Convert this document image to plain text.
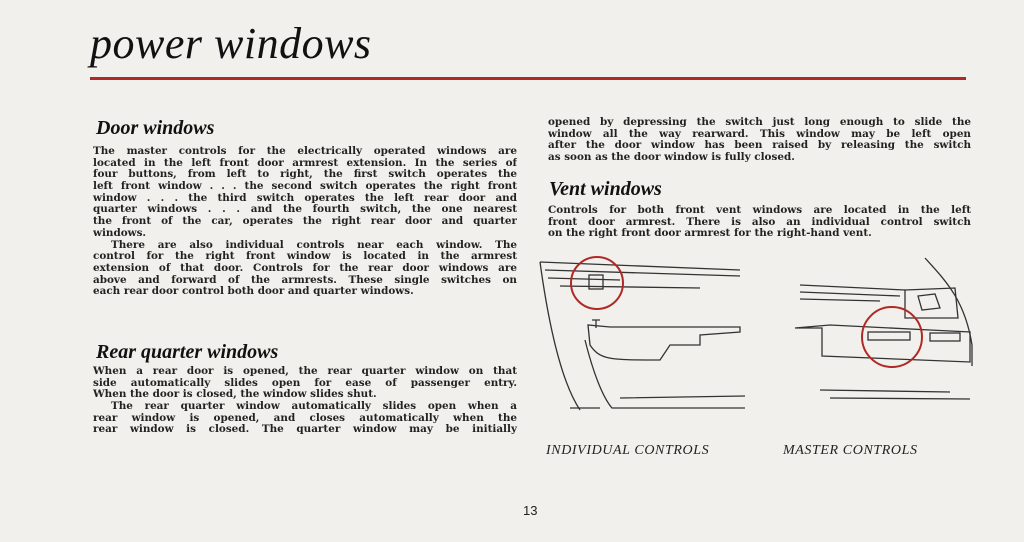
power windows
Door windows
The master controls for the electrically operated windows are
located in the left front door armrest extension. In the series of
four buttons, from left to right, the first switch operates the
left front window . . . the second switch operates the right front
window . . . the third switch operates the left rear door and
quarter windows . . . and the fourth switch, the one nearest
the front of the car, operates the right rear door and quarter
windows.
There are also individual controls near each window. The
control for the right front window is located in the armrest
extension of that door. Controls for the rear door windows are
above and forward of the armrests. These single switches on
each rear door control both door and quarter windows.
Rear quarter windows
When a rear door is opened, the rear quarter window on that
side automatically slides open for ease of passenger entry.
When the door is closed, the window slides shut.
The rear quarter window automatically slides open when a
rear window is opened, and closes automatically when the
rear window is closed. The quarter window may be initially
opened by depressing the switch just long enough to slide the
window all the way rearward. This window may be left open
after the door window has been raised by releasing the switch
as soon as the door window is fully closed.
Vent windows
Controls for both front vent windows are located in the left
front door armrest. There is also an individual control switch
on the right front door armrest for the right-hand vent.
INDIVIDUAL CONTROLS	MASTER CONTROLS
13
